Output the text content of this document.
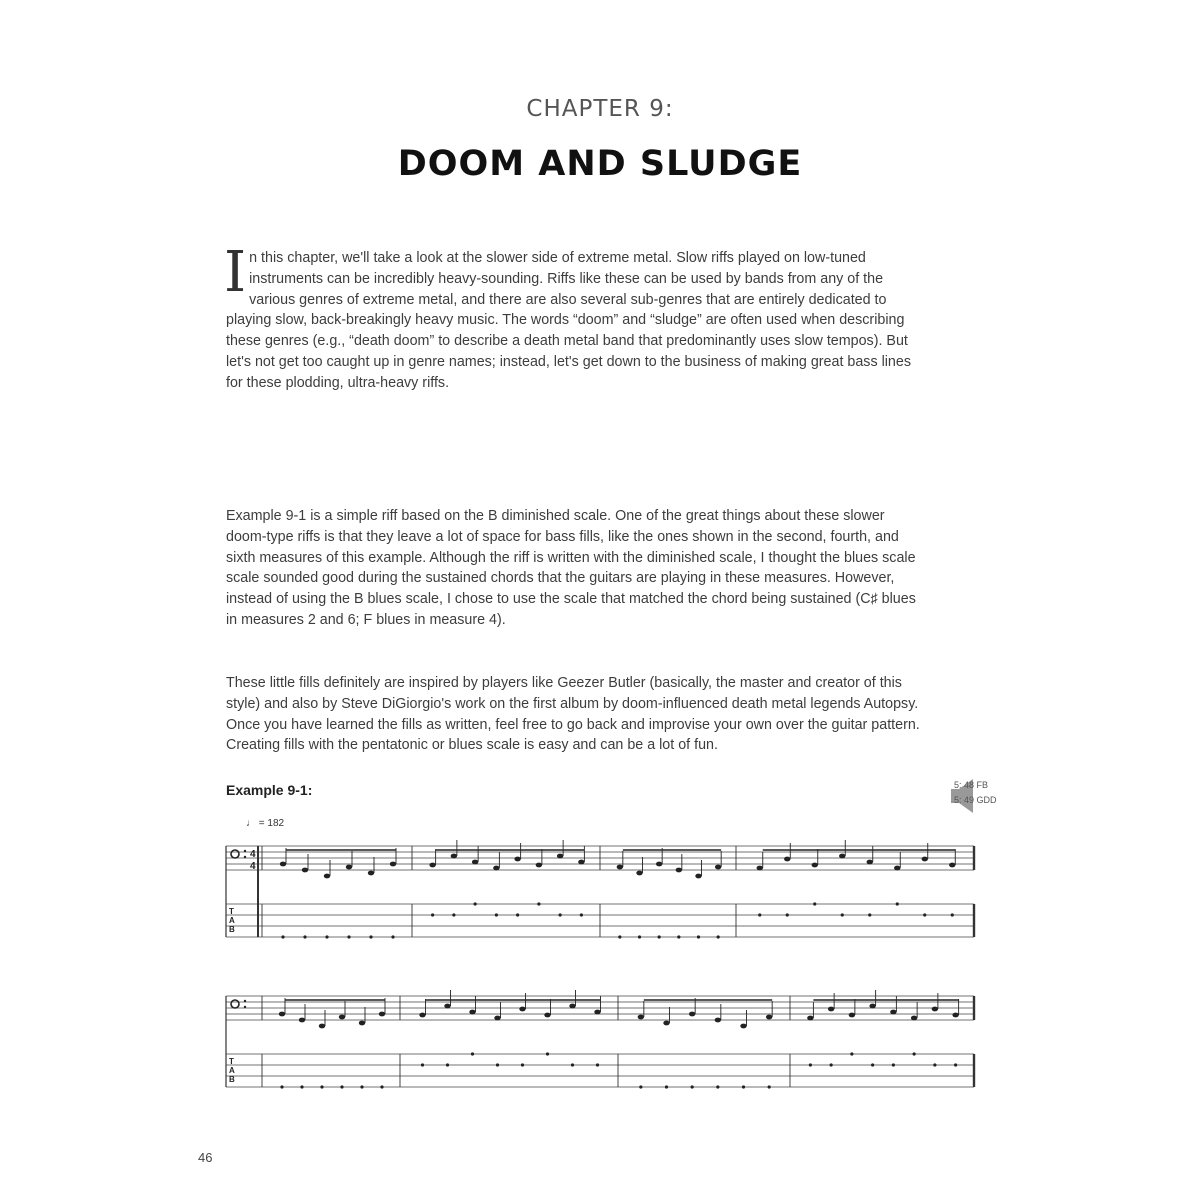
CHAPTER 9:
DOOM AND SLUDGE

In this chapter, we'll take a look at the slower side of extreme metal. Slow riffs played on low-tuned instruments can be incredibly heavy-sounding. Riffs like these can be used by bands from any of the various genres of extreme metal, and there are also several sub-genres that are entirely dedicated to playing slow, back-breakingly heavy music. The words “doom” and “sludge” are often used when describing these genres (e.g., “death doom” to describe a death metal band that predominantly uses slow tempos). But let's not get too caught up in genre names; instead, let's get down to the business of making great bass lines for these plodding, ultra-heavy riffs.

Example 9-1 is a simple riff based on the B diminished scale. One of the great things about these slower doom-type riffs is that they leave a lot of space for bass fills, like the ones shown in the second, fourth, and sixth measures of this example. Although the riff is written with the diminished scale, I thought the blues scale scale sounded good during the sustained chords that the guitars are playing in these measures. However, instead of using the B blues scale, I chose to use the scale that matched the chord being sustained (C♯ blues in measures 2 and 6; F blues in measure 4).

These little fills definitely are inspired by players like Geezer Butler (basically, the master and creator of this style) and also by Steve DiGiorgio's work on the first album by doom-influenced death metal legends Autopsy. Once you have learned the fills as written, feel free to go back and improvise your own over the guitar pattern. Creating fills with the pentatonic or blues scale is easy and can be a lot of fun.

Example 9-1:	5: 48 FB
5: 49 GDD
♩ = 182
T
A
B
4
4
T
A
B
46
